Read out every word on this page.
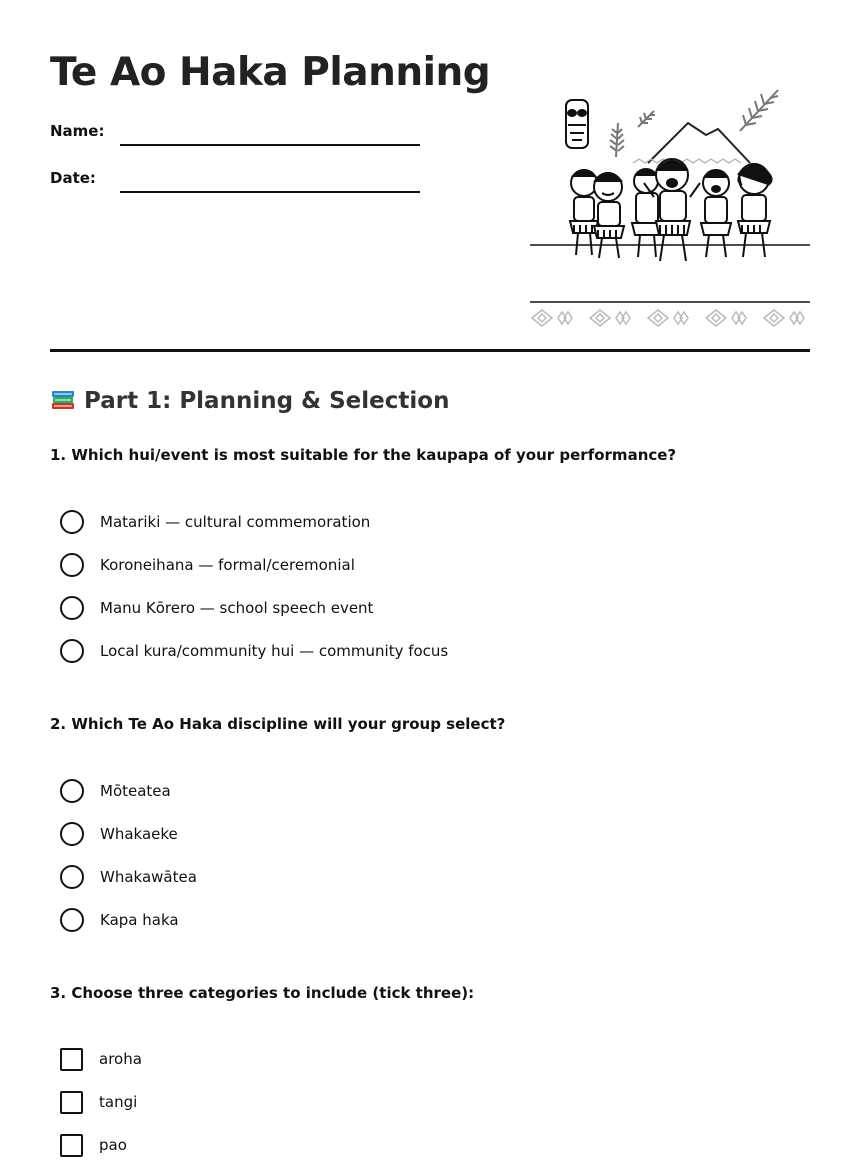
Te Ao Haka Planning
Name:
Date:
Part 1: Planning & Selection
1. Which hui/event is most suitable for the kaupapa of your performance?
Matariki — cultural commemoration
Koroneihana — formal/ceremonial
Manu Kōrero — school speech event
Local kura/community hui — community focus
2. Which Te Ao Haka discipline will your group select?
Mōteatea
Whakaeke
Whakawātea
Kapa haka
3. Choose three categories to include (tick three):
aroha
tangi
pao
